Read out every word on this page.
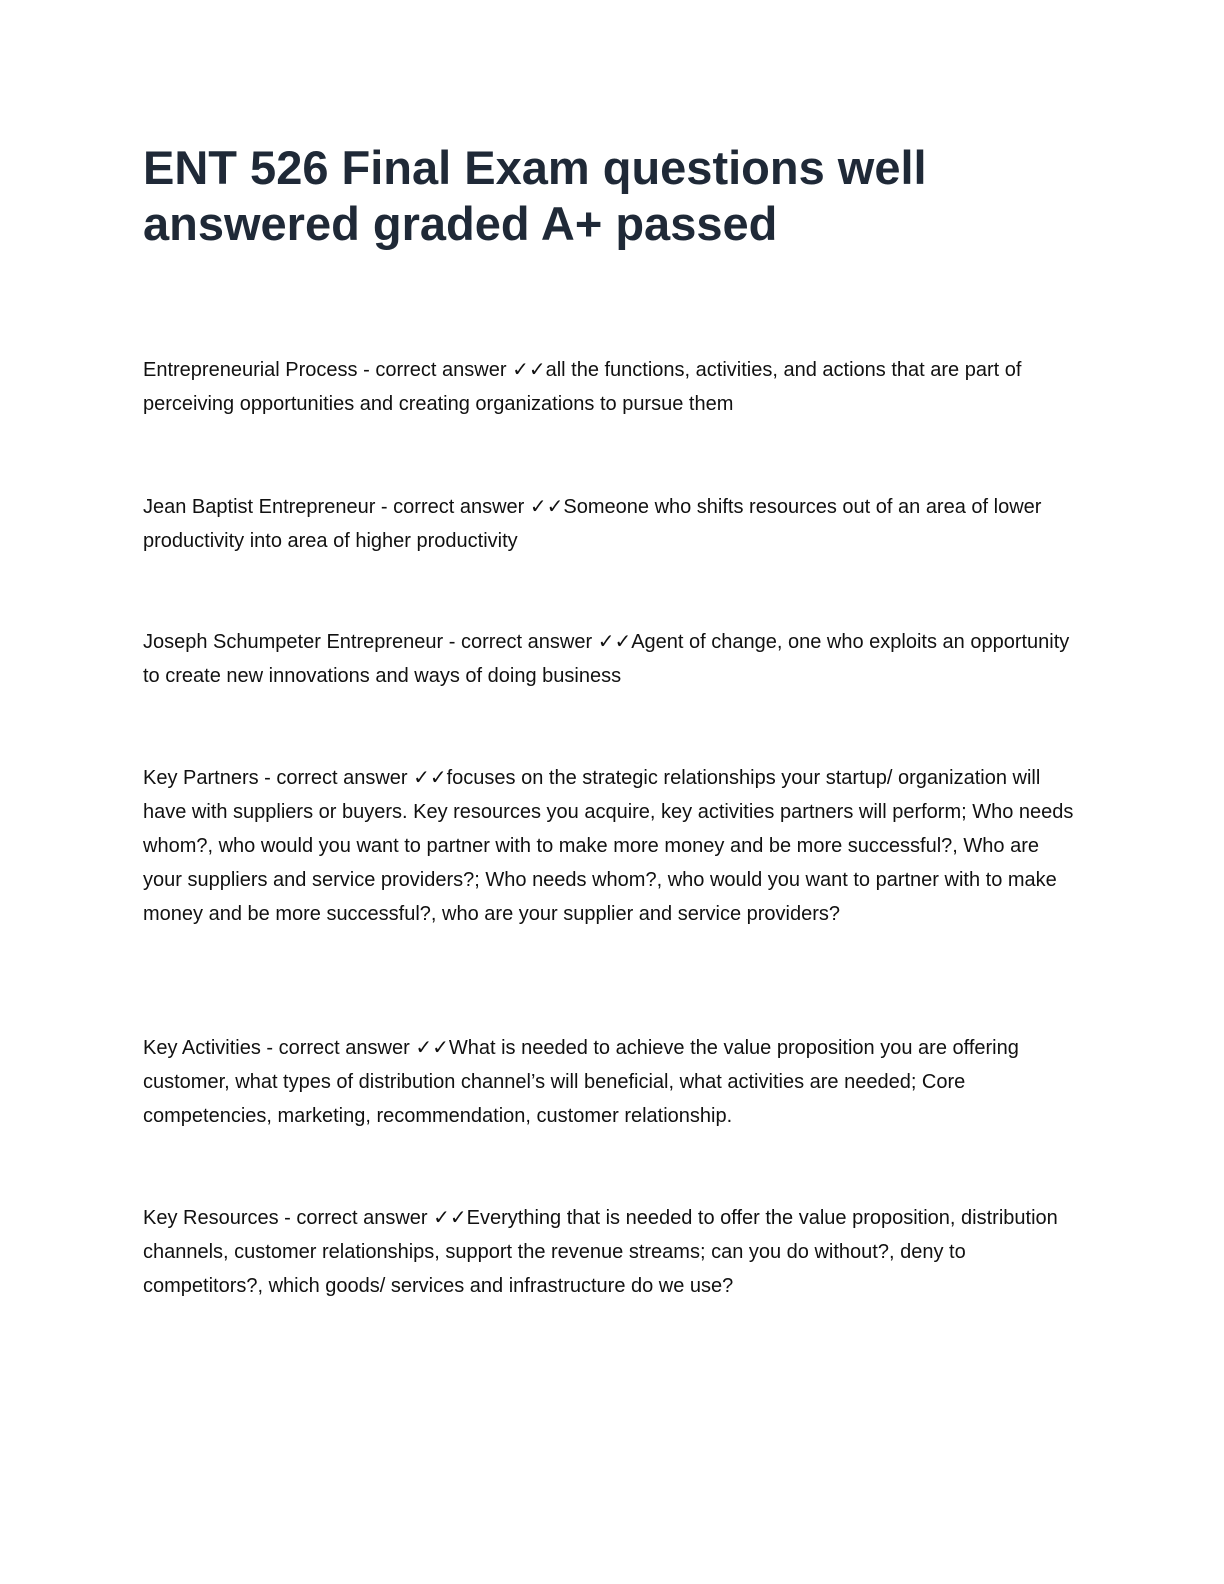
ENT 526 Final Exam questions well answered graded A+ passed

Entrepreneurial Process - correct answer ✓✓all the functions, activities, and actions that are part of perceiving opportunities and creating organizations to pursue them

Jean Baptist Entrepreneur - correct answer ✓✓Someone who shifts resources out of an area of lower productivity into area of higher productivity

Joseph Schumpeter Entrepreneur - correct answer ✓✓Agent of change, one who exploits an opportunity to create new innovations and ways of doing business

Key Partners - correct answer ✓✓focuses on the strategic relationships your startup/ organization will have with suppliers or buyers. Key resources you acquire, key activities partners will perform; Who needs whom?, who would you want to partner with to make more money and be more successful?, Who are your suppliers and service providers?; Who needs whom?, who would you want to partner with to make money and be more successful?, who are your supplier and service providers?

Key Activities - correct answer ✓✓What is needed to achieve the value proposition you are offering customer, what types of distribution channel’s will beneficial, what activities are needed; Core competencies, marketing, recommendation, customer relationship.

Key Resources - correct answer ✓✓Everything that is needed to offer the value proposition, distribution channels, customer relationships, support the revenue streams; can you do without?, deny to competitors?, which goods/ services and infrastructure do we use?
